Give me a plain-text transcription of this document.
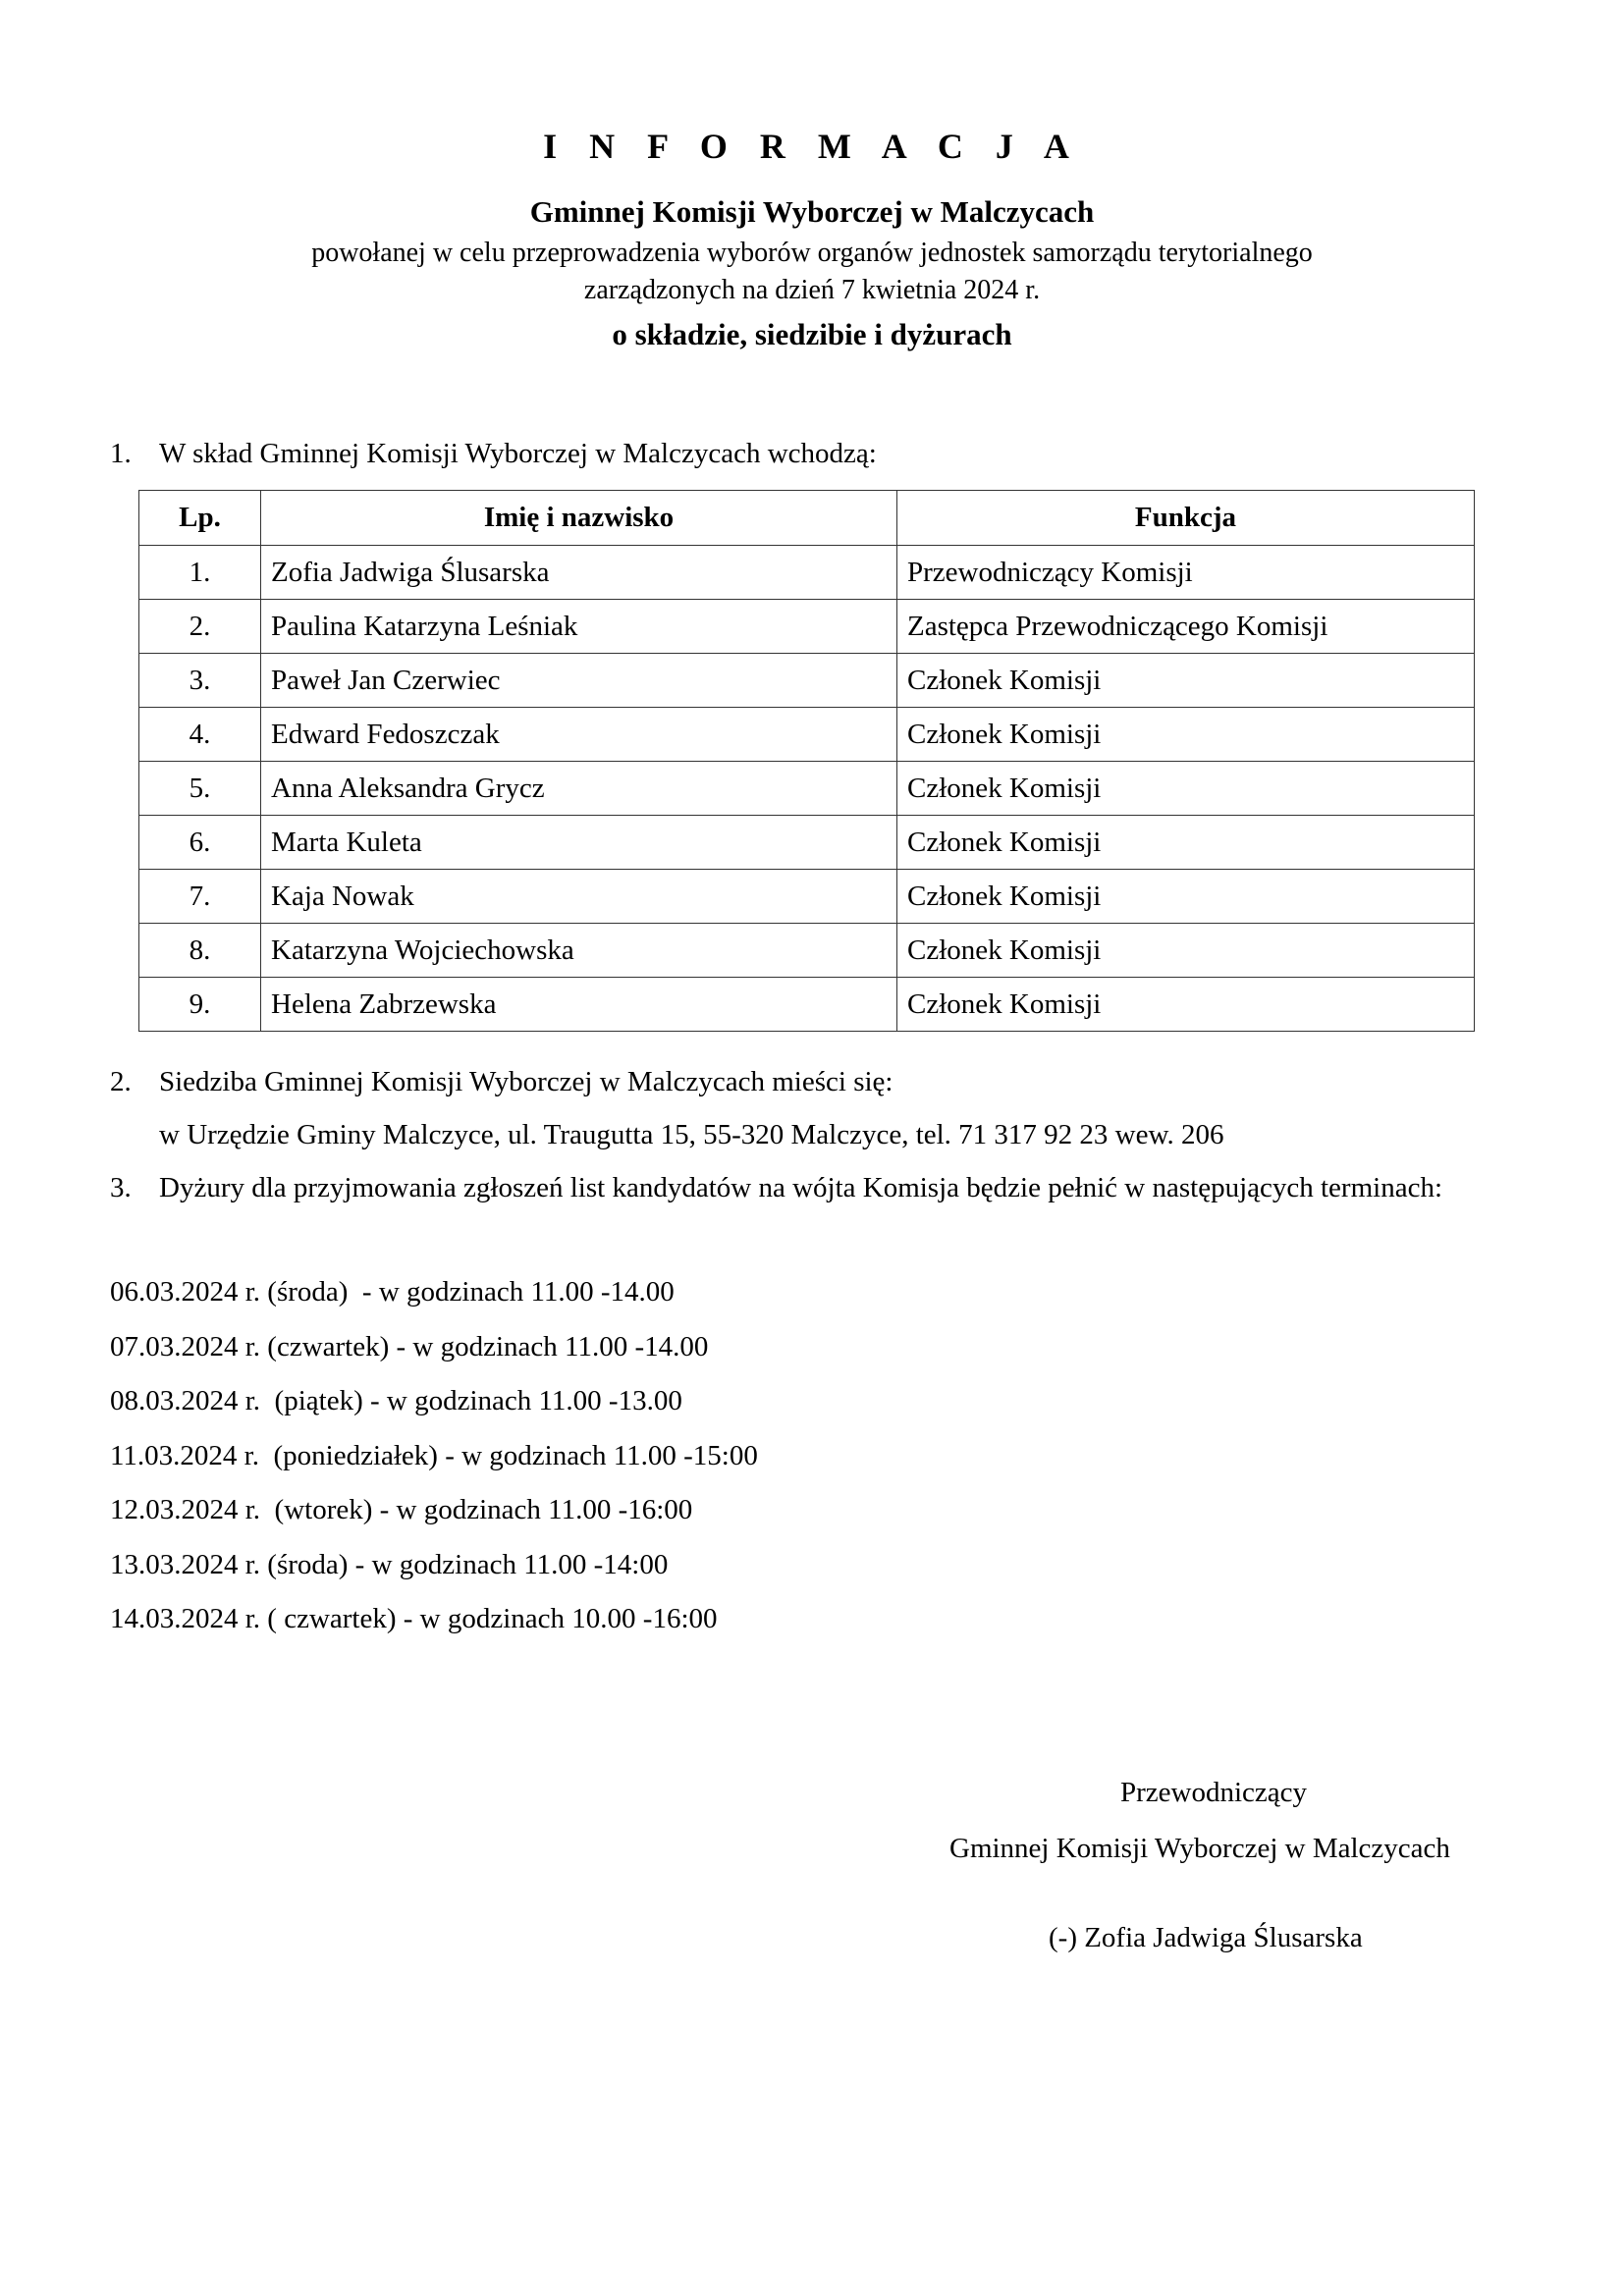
I N F O R M A C J A
Gminnej Komisji Wyborczej w Malczycach
powołanej w celu przeprowadzenia wyborów organów jednostek samorządu terytorialnego
zarządzonych na dzień 7 kwietnia 2024 r.
o składzie, siedzibie i dyżurach
1. W skład Gminnej Komisji Wyborczej w Malczycach wchodzą:
Lp.	Imię i nazwisko	Funkcja
1.	Zofia Jadwiga Ślusarska	Przewodniczący Komisji
2.	Paulina Katarzyna Leśniak	Zastępca Przewodniczącego Komisji
3.	Paweł Jan Czerwiec	Członek Komisji
4.	Edward Fedoszczak	Członek Komisji
5.	Anna Aleksandra Grycz	Członek Komisji
6.	Marta Kuleta	Członek Komisji
7.	Kaja Nowak	Członek Komisji
8.	Katarzyna Wojciechowska	Członek Komisji
9.	Helena Zabrzewska	Członek Komisji
2. Siedziba Gminnej Komisji Wyborczej w Malczycach mieści się:
w Urzędzie Gminy Malczyce, ul. Traugutta 15, 55-320 Malczyce, tel. 71 317 92 23 wew. 206
3. Dyżury dla przyjmowania zgłoszeń list kandydatów na wójta Komisja będzie pełnić w następujących terminach:
06.03.2024 r. (środa)  - w godzinach 11.00 -14.00
07.03.2024 r. (czwartek) - w godzinach 11.00 -14.00
08.03.2024 r.  (piątek) - w godzinach 11.00 -13.00
11.03.2024 r.  (poniedziałek) - w godzinach 11.00 -15:00
12.03.2024 r.  (wtorek) - w godzinach 11.00 -16:00
13.03.2024 r. (środa) - w godzinach 11.00 -14:00
14.03.2024 r. ( czwartek) - w godzinach 10.00 -16:00
Przewodniczący
Gminnej Komisji Wyborczej w Malczycach
(-) Zofia Jadwiga Ślusarska
